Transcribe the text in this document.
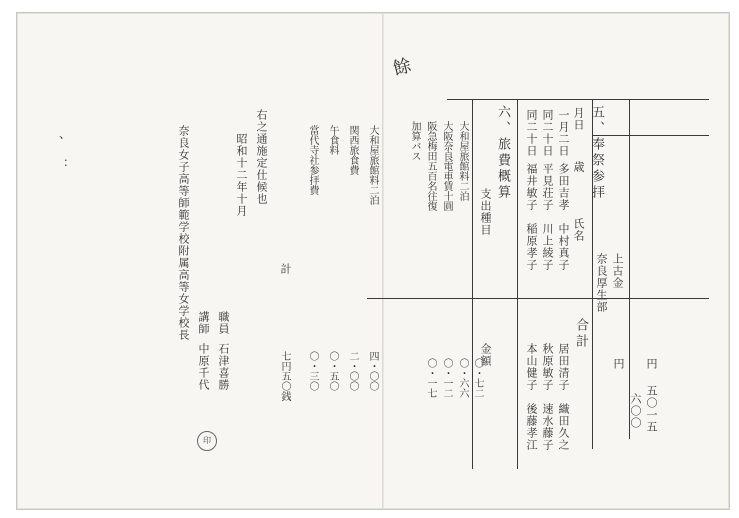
餘
五、奉祭参拝
月日
歳
氏名
一月二日
多田吉孝　中村真子
同二十日
平見荘子　川上綾子
同二十日
福井敏子　稲原孝子
居田清子　織田久之
秋原敏子　速水藤子
本山健子　後藤孝江
合計
上古金
奈良厚生部
円
円
五〇一五
六〇〇
六、旅費概算
支出種目
金額
大和屋旅館料二泊
大阪奈良電車賃十圓
阪急梅田五百名往復
加算バス
〇・七二
〇・六六
〇・一二
〇・一七
大和屋旅館料二泊
関西旅食費
午食料
當代寺社参拝費
四・〇〇
二・〇〇
〇・五〇
〇・三〇
計
七円五〇銭
右之通施定仕候也
昭和十二年十月
奈良女子高等師範学校附属高等女学校長 職員
石津喜勝
講師
中原千代
印
、
：
